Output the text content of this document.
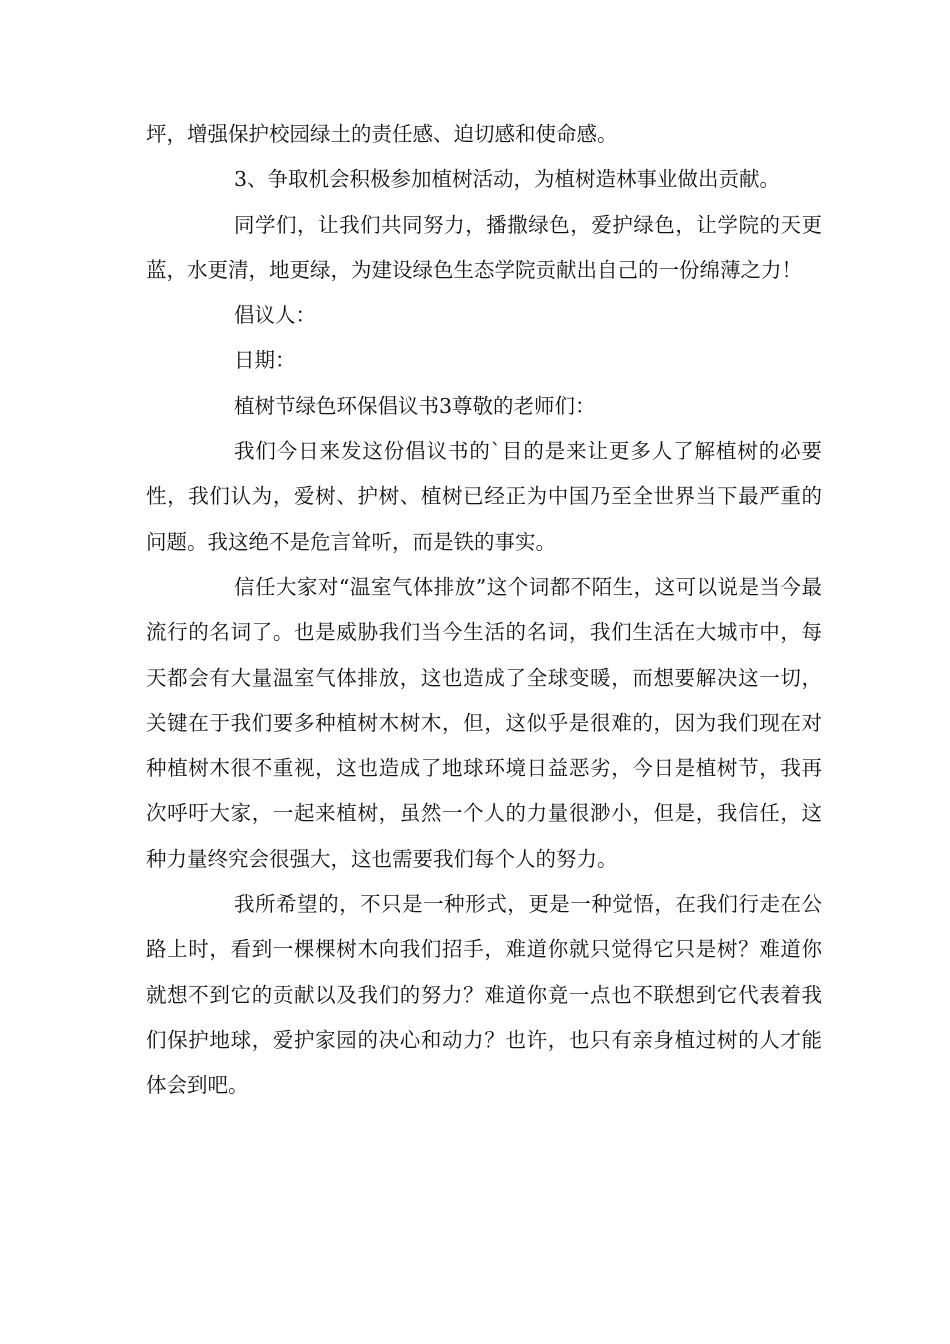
坪，增强保护校园绿土的责任感、迫切感和使命感。

3、争取机会积极参加植树活动，为植树造林事业做出贡献。

同学们，让我们共同努力，播撒绿色，爱护绿色，让学院的天更蓝，水更清，地更绿，为建设绿色生态学院贡献出自己的一份绵薄之力！

倡议人：

日期：

植树节绿色环保倡议书3尊敬的老师们：

我们今日来发这份倡议书的`目的是来让更多人了解植树的必要性，我们认为，爱树、护树、植树已经正为中国乃至全世界当下最严重的问题。我这绝不是危言耸听，而是铁的事实。

信任大家对“温室气体排放”这个词都不陌生，这可以说是当今最流行的名词了。也是威胁我们当今生活的名词，我们生活在大城市中，每天都会有大量温室气体排放，这也造成了全球变暖，而想要解决这一切，关键在于我们要多种植树木树木，但，这似乎是很难的，因为我们现在对种植树木很不重视，这也造成了地球环境日益恶劣，今日是植树节，我再次呼吁大家，一起来植树，虽然一个人的力量很渺小，但是，我信任，这种力量终究会很强大，这也需要我们每个人的努力。

我所希望的，不只是一种形式，更是一种觉悟，在我们行走在公路上时，看到一棵棵树木向我们招手，难道你就只觉得它只是树？难道你就想不到它的贡献以及我们的努力？难道你竟一点也不联想到它代表着我们保护地球，爱护家园的决心和动力？也许，也只有亲身植过树的人才能体会到吧。
